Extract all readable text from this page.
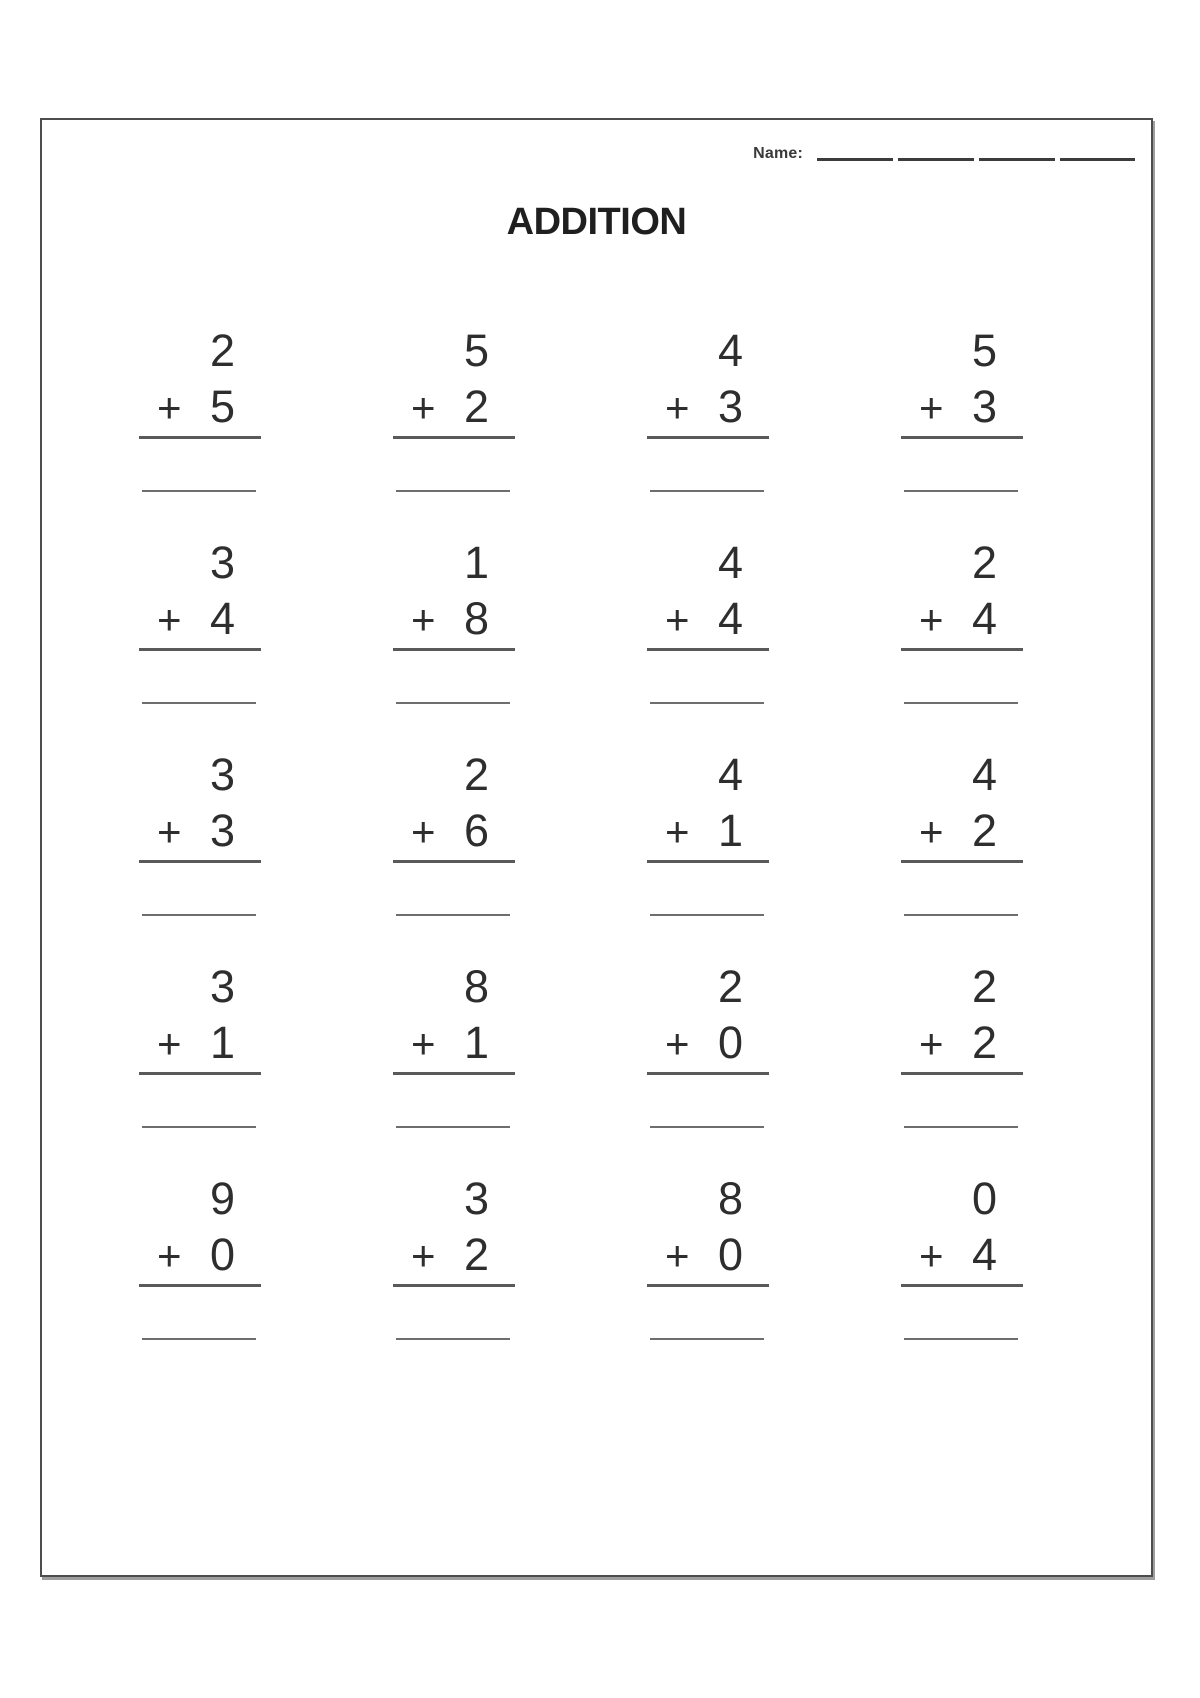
Name:
ADDITION
2
+ 5
5
+ 2
4
+ 3
5
+ 3
3
+ 4
1
+ 8
4
+ 4
2
+ 4
3
+ 3
2
+ 6
4
+ 1
4
+ 2
3
+ 1
8
+ 1
2
+ 0
2
+ 2
9
+ 0
3
+ 2
8
+ 0
0
+ 4
